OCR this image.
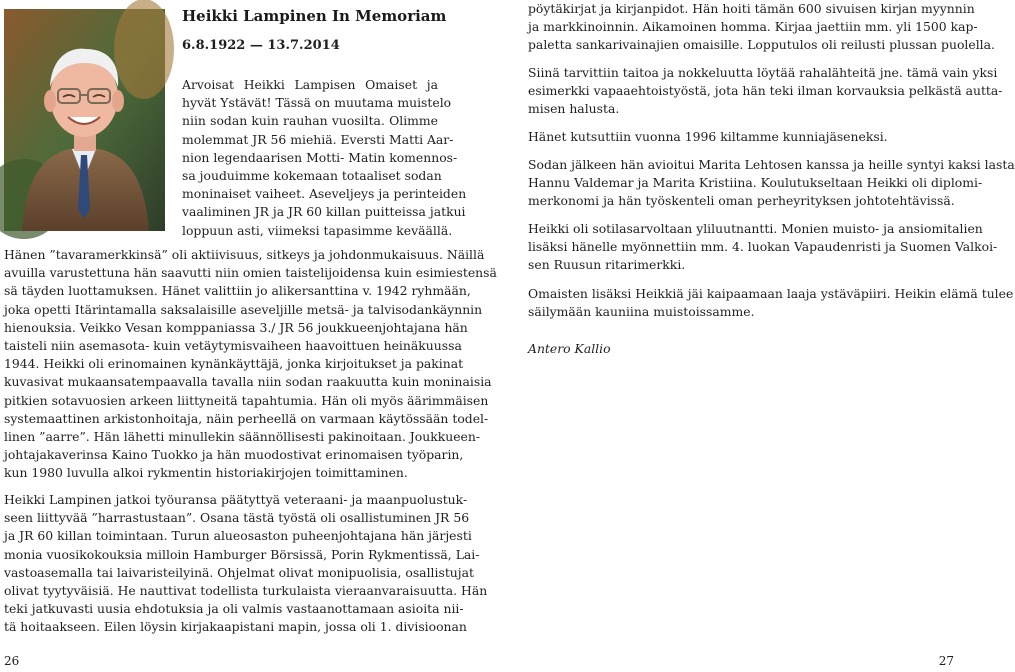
Heikki Lampinen In Memoriam

6.8.1922 — 13.7.2014

Arvoisat Heikki Lampisen Omaiset ja
hyvät Ystävät! Tässä on muutama muistelo
niin sodan kuin rauhan vuosilta. Olimme
molemmat JR 56 miehiä. Eversti Matti Aar-
nion legendaarisen Motti- Matin komennos-
sa jouduimme kokemaan totaaliset sodan
moninaiset vaiheet. Aseveljeys ja perinteiden
vaaliminen JR ja JR 60 killan puitteissa jatkui
loppuun asti, viimeksi tapasimme keväällä.
Hänen ”tavaramerkkinsä” oli aktiivisuus, sitkeys ja johdonmukaisuus. Näillä
avuilla varustettuna hän saavutti niin omien taistelijoidensa kuin esimiestensä
sä täyden luottamuksen. Hänet valittiin jo alikersanttina v. 1942 ryhmään,
joka opetti Itärintamalla saksalaisille aseveljille metsä- ja talvisodankäynnin
hienouksia. Veikko Vesan komppaniassa 3./ JR 56 joukkueenjohtajana hän
taisteli niin asemasota- kuin vetäytymisvaiheen haavoittuen heinäkuussa
1944. Heikki oli erinomainen kynänkäyttäjä, jonka kirjoitukset ja pakinat
kuvasivat mukaansatempaavalla tavalla niin sodan raakuutta kuin moninaisia
pitkien sotavuosien arkeen liittyneitä tapahtumia. Hän oli myös äärimmäisen
systemaattinen arkistonhoitaja, näin perheellä on varmaan käytössään todel-
linen ”aarre”. Hän lähetti minullekin säännöllisesti pakinoitaan. Joukkueen-
johtajakaverinsa Kaino Tuokko ja hän muodostivat erinomaisen työparin,
kun 1980 luvulla alkoi rykmentin historiakirjojen toimittaminen.
Heikki Lampinen jatkoi työuransa päätyttyä veteraani- ja maanpuolustuk-
seen liittyvää ”harrastustaan”. Osana tästä työstä oli osallistuminen JR 56
ja JR 60 killan toimintaan. Turun alueosaston puheenjohtajana hän järjesti
monia vuosikokouksia milloin Hamburger Börsissä, Porin Rykmentissä, Lai-
vastoasemalla tai laivaristeilyinä. Ohjelmat olivat monipuolisia, osallistujat
olivat tyytyväisiä. He nauttivat todellista turkulaista vieraanvaraisuutta. Hän
teki jatkuvasti uusia ehdotuksia ja oli valmis vastaanottamaan asioita nii-
tä hoitaakseen. Eilen löysin kirjakaapistani mapin, jossa oli 1. divisioonan

26

pöytäkirjat ja kirjanpidot. Hän hoiti tämän 600 sivuisen kirjan myynnin
ja markkinoinnin. Aikamoinen homma. Kirjaa jaettiin mm. yli 1500 kap-
paletta sankarivainajien omaisille. Lopputulos oli reilusti plussan puolella.
Siinä tarvittiin taitoa ja nokkeluutta löytää rahalähteitä jne. tämä vain yksi
esimerkki vapaaehtoistyöstä, jota hän teki ilman korvauksia pelkästä autta-
misen halusta.
Hänet kutsuttiin vuonna 1996 kiltamme kunniajäseneksi.
Sodan jälkeen hän avioitui Marita Lehtosen kanssa ja heille syntyi kaksi lasta
Hannu Valdemar ja Marita Kristiina. Koulutukseltaan Heikki oli diplomi-
merkonomi ja hän työskenteli oman perheyrityksen johtotehtävissä.
Heikki oli sotilasarvoltaan yliluutnantti. Monien muisto- ja ansiomitalien
lisäksi hänelle myönnettiin mm. 4. luokan Vapaudenristi ja Suomen Valkoi-
sen Ruusun ritarimerkki.
Omaisten lisäksi Heikkiä jäi kaipaamaan laaja ystäväpiiri. Heikin elämä tulee
säilymään kauniina muistoissamme.

Antero Kallio

27
